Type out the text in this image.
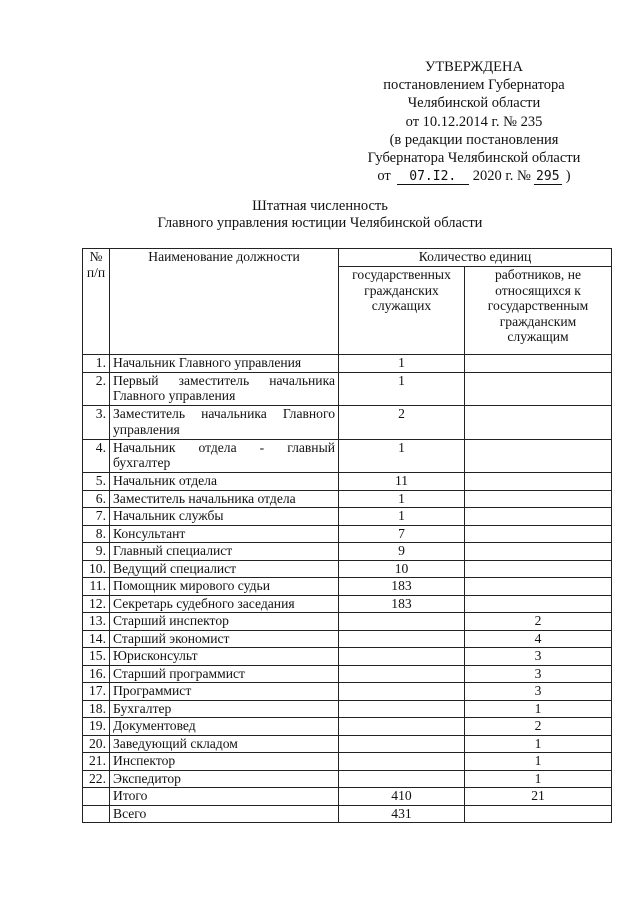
УТВЕРЖДЕНА
постановлением Губернатора
Челябинской области
от 10.12.2014 г. № 235
(в редакции постановления
Губернатора Челябинской области
от	07.I2.	2020 г. № 295 )
Штатная численность
Главного управления юстиции Челябинской области
№ п/п	Наименование должности	Количество единиц	
		государственных гражданских служащих	работников, не относящихся к государственным гражданским служащим
1.	Начальник Главного управления	1	
2.	Первый заместитель начальника Главного управления	1	
3.	Заместитель начальника Главного управления	2	
4.	Начальник отдела - главный бухгалтер	1	
5.	Начальник отдела	11	
6.	Заместитель начальника отдела	1	
7.	Начальник службы	1	
8.	Консультант	7	
9.	Главный специалист	9	
10.	Ведущий специалист	10	
11.	Помощник мирового судьи	183	
12.	Секретарь судебного заседания	183	
13.	Старший инспектор		2
14.	Старший экономист		4
15.	Юрисконсульт		3
16.	Старший программист		3
17.	Программист		3
18.	Бухгалтер		1
19.	Документовед		2
20.	Заведующий складом		1
21.	Инспектор		1
22.	Экспедитор		1
	Итого	410	21
	Всего	431	
